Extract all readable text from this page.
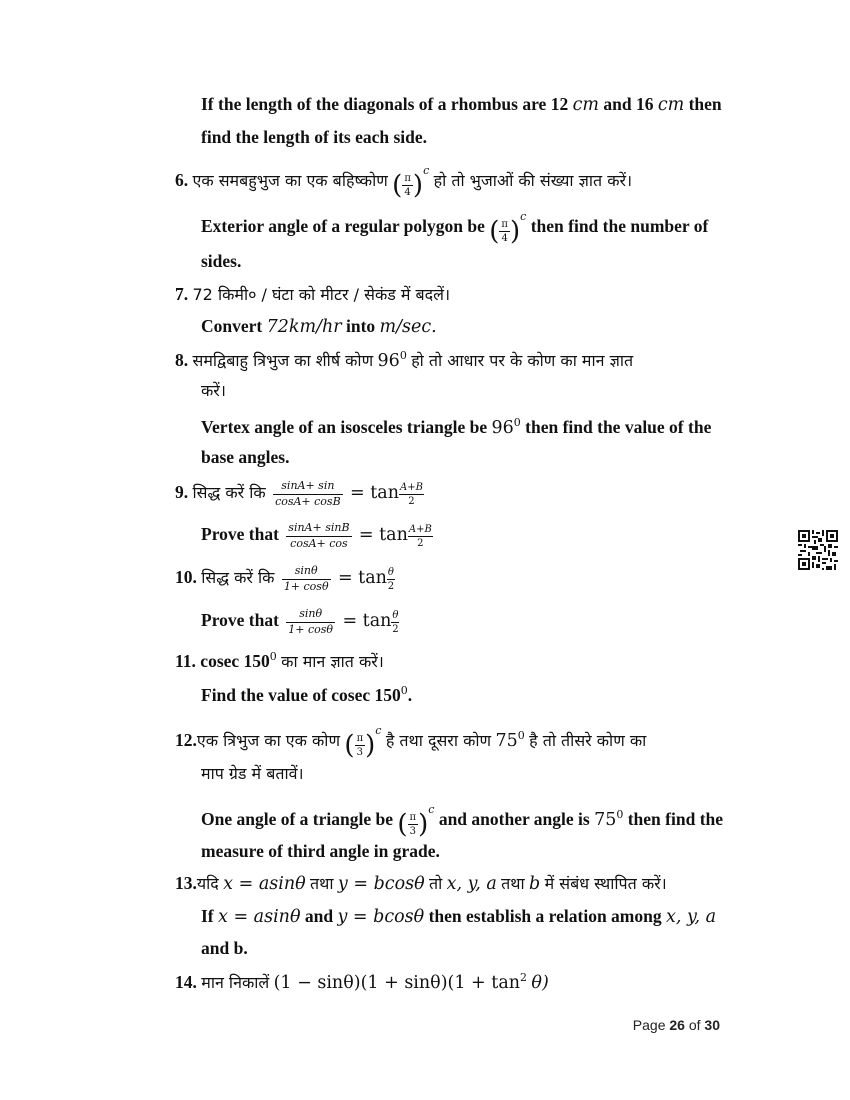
If the length of the diagonals of a rhombus are 12 cm and 16 cm then
find the length of its each side.
6. एक समबहुभुज का एक बहिष्कोण ( $\frac{\pi}{4} )^c$ हो तो भुजाओं की संख्या ज्ञात करें।
Exterior angle of a regular polygon be ( $\frac{\pi}{4} )^c$ then find the number of
sides.
7. 72 किमी० / घंटा को मीटर / सेकंड में बदलें।
Convert 72km/hr into m/sec.
8. समद्विबाहु त्रिभुज का शीर्ष कोण $96^0$ हो तो आधार पर के कोण का मान ज्ञात
करें।
Vertex angle of an isosceles triangle be $96^0$ then find the value of the
base angles.
9. सिद्ध करें कि $\frac{\sin A+ \sin}{\cos A+ \cos B} = \tan \frac{A+B}{2}$
Prove that $\frac{\sin A+ \sin B}{\cos A+ \cos} = \tan \frac{A+B}{2}$
10. सिद्ध करें कि $\frac{\sin\theta}{1+ \cos\theta} = \tan \frac{\theta}{2}$
Prove that $\frac{\sin\theta}{1+ \cos\theta} = \tan \frac{\theta}{2}$
11. cosec $150^0$ का मान ज्ञात करें।
Find the value of cosec $150^0$.
12.एक त्रिभुज का एक कोण ( $\frac{\pi}{3} )^c$ है तथा दूसरा कोण $75^0$ है तो तीसरे कोण का
माप ग्रेड में बतावें।
One angle of a triangle be ( $\frac{\pi}{3} )^c$ and another angle is $75^0$ then find the
measure of third angle in grade.
13.यदि x = asinθ तथा y = bcosθ तो x, y, a तथा b में संबंध स्थापित करें।
If x = asinθ and y = bcosθ then establish a relation among x, y, a
and b.
14. मान निकालें $(1 - \sin\theta)(1 + \sin\theta)(1 + \tan^2 \theta)$
Page 26 of 30
